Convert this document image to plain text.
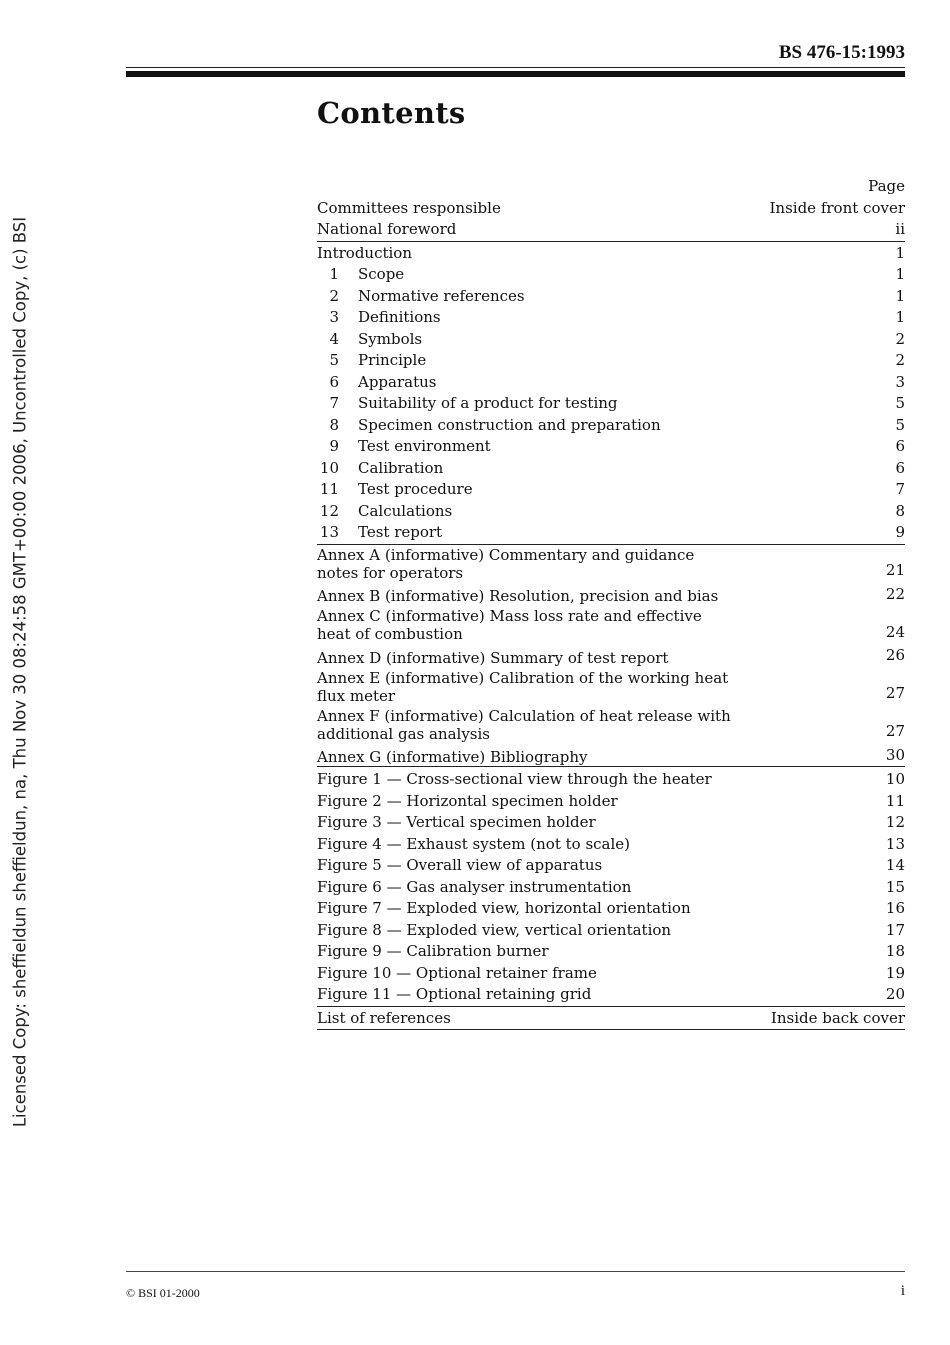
BS 476-15:1993
Licensed Copy: sheffieldun sheffieldun, na, Thu Nov 30 08:24:58 GMT+00:00 2006, Uncontrolled Copy, (c) BSI
Contents
Page
Committees responsible	Inside front cover
National foreword	ii
Introduction	1
1	Scope	1
2	Normative references	1
3	Definitions	1
4	Symbols	2
5	Principle	2
6	Apparatus	3
7	Suitability of a product for testing	5
8	Specimen construction and preparation	5
9	Test environment	6
10	Calibration	6
11	Test procedure	7
12	Calculations	8
13	Test report	9
Annex A (informative) Commentary and guidance notes for operators	21
Annex B (informative) Resolution, precision and bias	22
Annex C (informative) Mass loss rate and effective heat of combustion	24
Annex D (informative) Summary of test report	26
Annex E (informative) Calibration of the working heat flux meter	27
Annex F (informative) Calculation of heat release with additional gas analysis	27
Annex G (informative) Bibliography	30
Figure 1 — Cross-sectional view through the heater	10
Figure 2 — Horizontal specimen holder	11
Figure 3 — Vertical specimen holder	12
Figure 4 — Exhaust system (not to scale)	13
Figure 5 — Overall view of apparatus	14
Figure 6 — Gas analyser instrumentation	15
Figure 7 — Exploded view, horizontal orientation	16
Figure 8 — Exploded view, vertical orientation	17
Figure 9 — Calibration burner	18
Figure 10 — Optional retainer frame	19
Figure 11 — Optional retaining grid	20
List of references	Inside back cover
© BSI 01-2000	i
